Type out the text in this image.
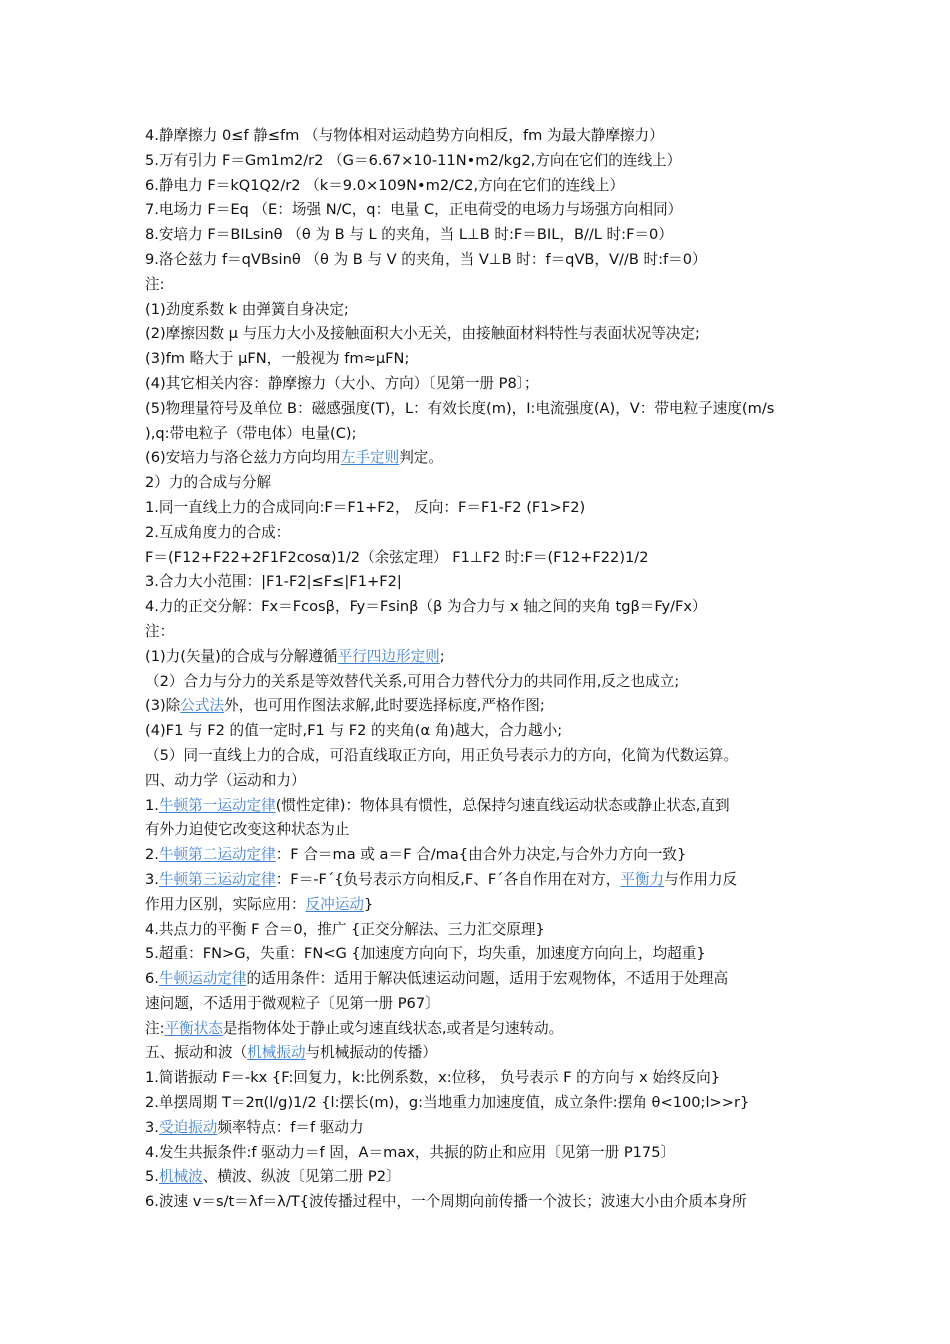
4.静摩擦力 0≤f 静≤fm （与物体相对运动趋势方向相反，fm 为最大静摩擦力）
5.万有引力 F＝Gm1m2/r2 （G＝6.67×10-11N•m2/kg2,方向在它们的连线上）
6.静电力 F＝kQ1Q2/r2 （k＝9.0×109N•m2/C2,方向在它们的连线上）
7.电场力 F＝Eq （E：场强 N/C，q：电量 C，正电荷受的电场力与场强方向相同）
8.安培力 F＝BILsinθ （θ 为 B 与 L 的夹角，当 L⊥B 时:F＝BIL，B//L 时:F＝0）
9.洛仑兹力 f＝qVBsinθ （θ 为 B 与 V 的夹角，当 V⊥B 时：f＝qVB，V//B 时:f＝0）
注:
(1)劲度系数 k 由弹簧自身决定;
(2)摩擦因数 μ 与压力大小及接触面积大小无关，由接触面材料特性与表面状况等决定;
(3)fm 略大于 μFN，一般视为 fm≈μFN;
(4)其它相关内容：静摩擦力（大小、方向）〔见第一册 P8〕；
(5)物理量符号及单位 B：磁感强度(T)，L：有效长度(m)，I:电流强度(A)，V：带电粒子速度(m/s
),q:带电粒子（带电体）电量(C);
(6)安培力与洛仑兹力方向均用左手定则判定。
2）力的合成与分解
1.同一直线上力的合成同向:F＝F1+F2， 反向：F＝F1-F2 (F1>F2)
2.互成角度力的合成：
F＝(F12+F22+2F1F2cosα)1/2（余弦定理） F1⊥F2 时:F＝(F12+F22)1/2
3.合力大小范围：|F1-F2|≤F≤|F1+F2|
4.力的正交分解：Fx＝Fcosβ，Fy＝Fsinβ（β 为合力与 x 轴之间的夹角 tgβ＝Fy/Fx）
注：
(1)力(矢量)的合成与分解遵循平行四边形定则;
（2）合力与分力的关系是等效替代关系,可用合力替代分力的共同作用,反之也成立;
(3)除公式法外，也可用作图法求解,此时要选择标度,严格作图;
(4)F1 与 F2 的值一定时,F1 与 F2 的夹角(α 角)越大，合力越小;
（5）同一直线上力的合成，可沿直线取正方向，用正负号表示力的方向，化简为代数运算。
四、动力学（运动和力）
1.牛顿第一运动定律(惯性定律)：物体具有惯性，总保持匀速直线运动状态或静止状态,直到
有外力迫使它改变这种状态为止
2.牛顿第二运动定律：F 合＝ma 或 a＝F 合/ma{由合外力决定,与合外力方向一致}
3.牛顿第三运动定律：F＝-F´{负号表示方向相反,F、F´各自作用在对方，平衡力与作用力反
作用力区别，实际应用：反冲运动}
4.共点力的平衡 F 合＝0，推广 {正交分解法、三力汇交原理}
5.超重：FN>G，失重：FN<G {加速度方向向下，均失重，加速度方向向上，均超重}
6.牛顿运动定律的适用条件：适用于解决低速运动问题，适用于宏观物体，不适用于处理高
速问题，不适用于微观粒子〔见第一册 P67〕
注:平衡状态是指物体处于静止或匀速直线状态,或者是匀速转动。
五、振动和波（机械振动与机械振动的传播）
1.简谐振动 F＝-kx {F:回复力，k:比例系数，x:位移， 负号表示 F 的方向与 x 始终反向}
2.单摆周期 T＝2π(l/g)1/2 {l:摆长(m)，g:当地重力加速度值，成立条件:摆角 θ<100;l>>r}
3.受迫振动频率特点：f＝f 驱动力
4.发生共振条件:f 驱动力＝f 固，A＝max，共振的防止和应用〔见第一册 P175〕
5.机械波、横波、纵波〔见第二册 P2〕
6.波速 v＝s/t＝λf＝λ/T{波传播过程中，一个周期向前传播一个波长；波速大小由介质本身所
